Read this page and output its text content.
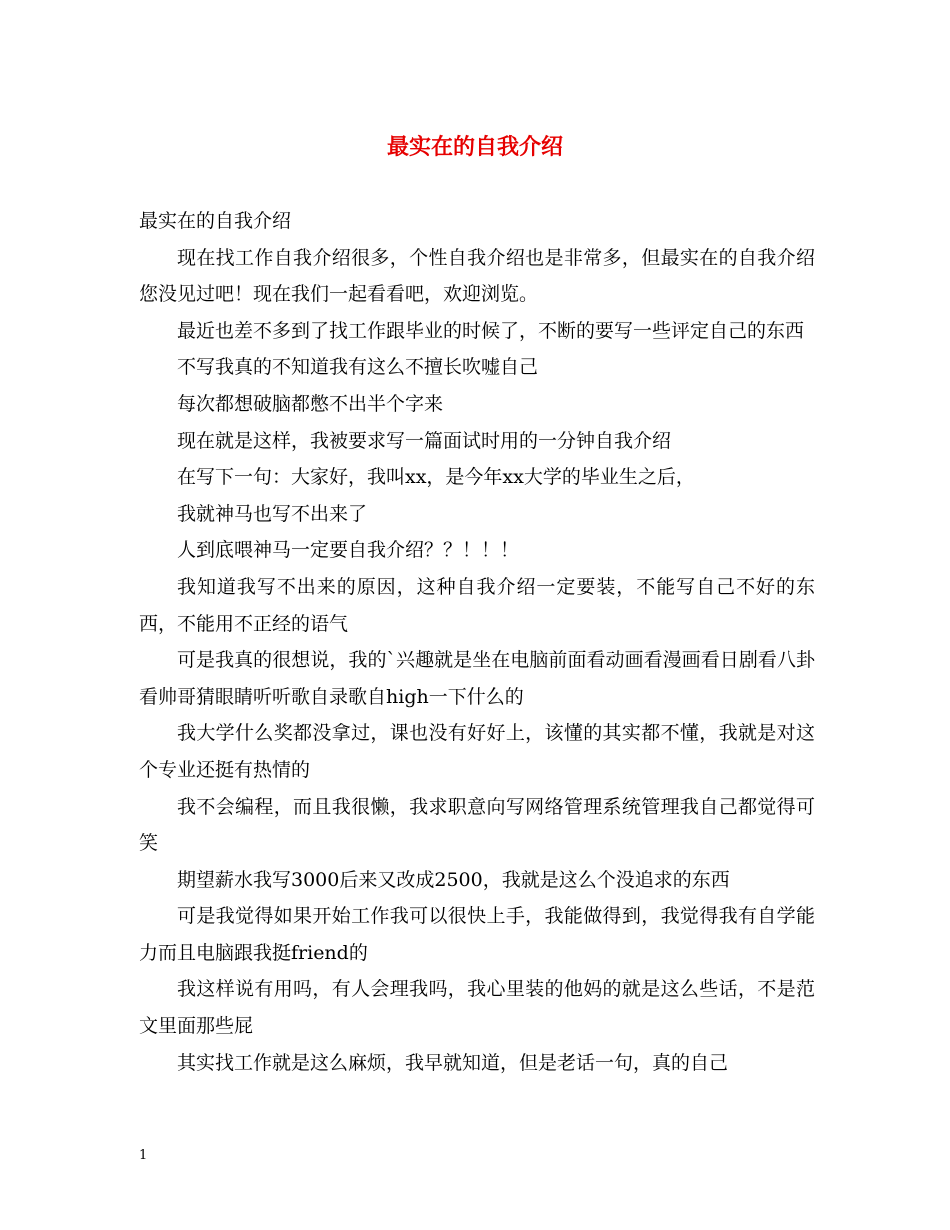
最实在的自我介绍

最实在的自我介绍

现在找工作自我介绍很多，个性自我介绍也是非常多，但最实在的自我介绍您没见过吧！现在我们一起看看吧，欢迎浏览。

最近也差不多到了找工作跟毕业的时候了，不断的要写一些评定自己的东西

不写我真的不知道我有这么不擅长吹嘘自己

每次都想破脑都憋不出半个字来

现在就是这样，我被要求写一篇面试时用的一分钟自我介绍

在写下一句：大家好，我叫xx，是今年xx大学的毕业生之后，

我就神马也写不出来了

人到底喂神马一定要自我介绍？？！！！

我知道我写不出来的原因，这种自我介绍一定要装，不能写自己不好的东西，不能用不正经的语气

可是我真的很想说，我的`兴趣就是坐在电脑前面看动画看漫画看日剧看八卦看帅哥猜眼睛听听歌自录歌自high一下什么的

我大学什么奖都没拿过，课也没有好好上，该懂的其实都不懂，我就是对这个专业还挺有热情的

我不会编程，而且我很懒，我求职意向写网络管理系统管理我自己都觉得可笑

期望薪水我写3000后来又改成2500，我就是这么个没追求的东西

可是我觉得如果开始工作我可以很快上手，我能做得到，我觉得我有自学能力而且电脑跟我挺friend的

我这样说有用吗，有人会理我吗，我心里装的他妈的就是这么些话，不是范文里面那些屁

其实找工作就是这么麻烦，我早就知道，但是老话一句，真的自己

1
